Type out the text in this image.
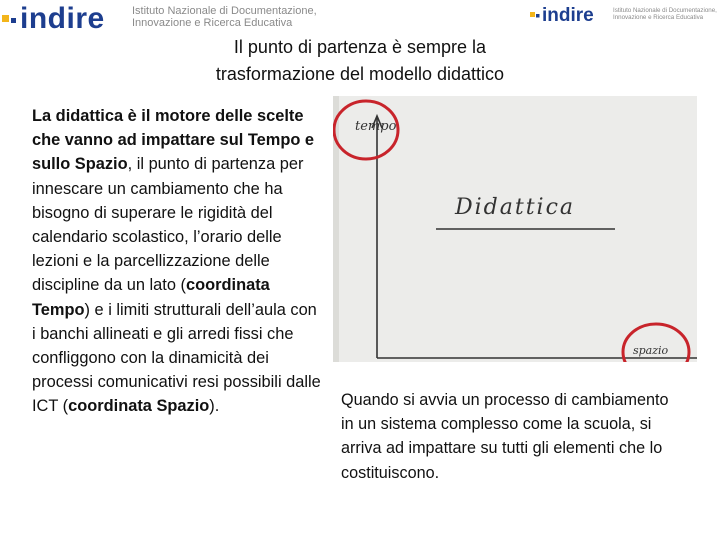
indire Istituto Nazionale di Documentazione,
Innovazione e Ricerca Educativa	indire	Istituto Nazionale di Documentazione,
Innovazione e Ricerca Educativa
Il punto di partenza è sempre la
trasformazione del modello didattico
La didattica è il motore delle scelte che vanno ad impattare sul Tempo e sullo Spazio, il punto di partenza per innescare un cambiamento che ha bisogno di superare le rigidità del calendario scolastico, l’orario delle lezioni e la parcellizzazione delle discipline da un lato (coordinata Tempo) e i limiti strutturali dell’aula con i banchi allineati e gli arredi fissi che confliggono con la dinamicità dei processi comunicativi resi possibili dalle ICT (coordinata Spazio).
tempo
Didattica
spazio
Quando si avvia un processo di cambiamento in un sistema complesso come la scuola, si arriva ad impattare su tutti gli elementi che lo costituiscono.
